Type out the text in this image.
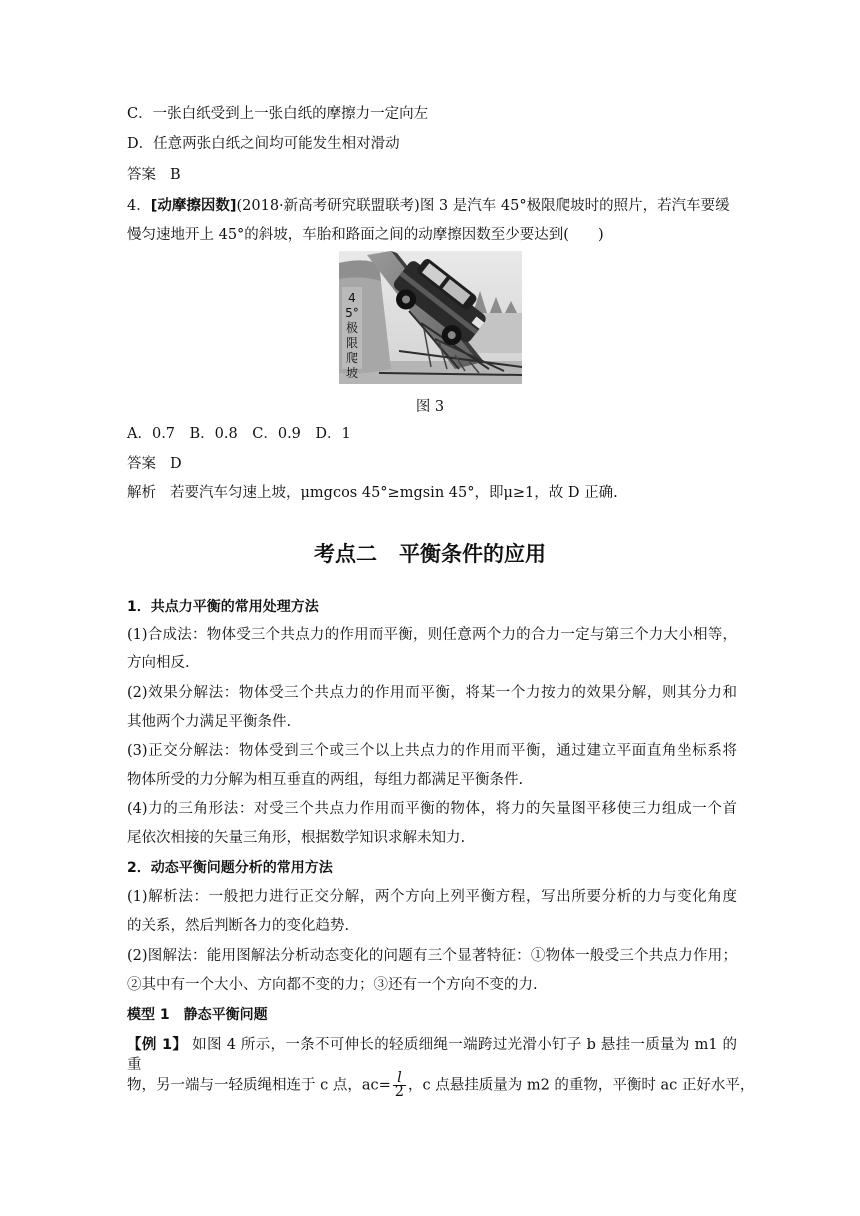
C．一张白纸受到上一张白纸的摩擦力一定向左
D．任意两张白纸之间均可能发生相对滑动
答案 B
4．[动摩擦因数](2018·新高考研究联盟联考)图 3 是汽车 45°极限爬坡时的照片，若汽车要缓
慢匀速地开上 45°的斜坡，车胎和路面之间的动摩擦因数至少要达到(　　)
45°极限爬坡
图 3
A．0.7　B．0.8　C．0.9　D．1
答案 D
解析 若要汽车匀速上坡，μmgcos 45°≥mgsin 45°，即μ≥1，故 D 正确.
考点二 平衡条件的应用
1．共点力平衡的常用处理方法
(1)合成法：物体受三个共点力的作用而平衡，则任意两个力的合力一定与第三个力大小相等，
方向相反.
(2)效果分解法：物体受三个共点力的作用而平衡，将某一个力按力的效果分解，则其分力和
其他两个力满足平衡条件.
(3)正交分解法：物体受到三个或三个以上共点力的作用而平衡，通过建立平面直角坐标系将
物体所受的力分解为相互垂直的两组，每组力都满足平衡条件.
(4)力的三角形法：对受三个共点力作用而平衡的物体，将力的矢量图平移使三力组成一个首
尾依次相接的矢量三角形，根据数学知识求解未知力.
2．动态平衡问题分析的常用方法
(1)解析法：一般把力进行正交分解，两个方向上列平衡方程，写出所要分析的力与变化角度
的关系，然后判断各力的变化趋势.
(2)图解法：能用图解法分析动态变化的问题有三个显著特征：①物体一般受三个共点力作用；
②其中有一个大小、方向都不变的力；③还有一个方向不变的力.
模型 1 静态平衡问题
【例 1】 如图 4 所示，一条不可伸长的轻质细绳一端跨过光滑小钉子 b 悬挂一质量为 m1 的重
物，另一端与一轻质绳相连于 c 点，$ac= \frac{l}{2}$ ，c 点悬挂质量为 m2 的重物，平衡时 ac 正好水平，
